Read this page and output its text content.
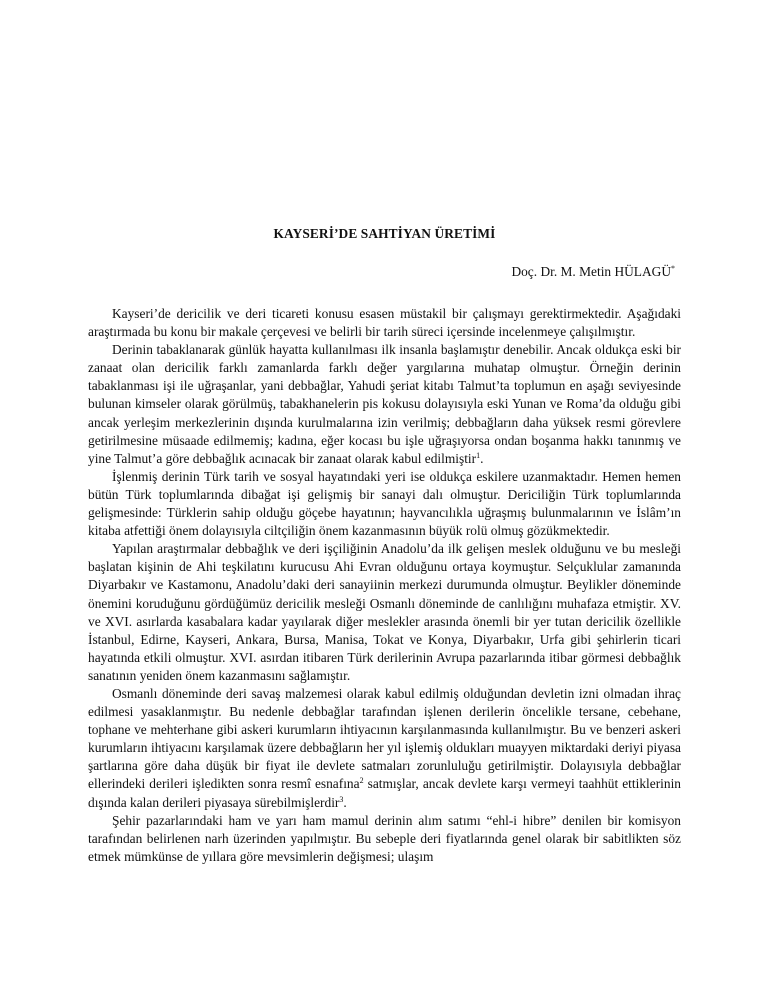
KAYSERİ’DE SAHTİYAN ÜRETİMİ

Doç. Dr. M. Metin HÜLAGÜ*

Kayseri’de dericilik ve deri ticareti konusu esasen müstakil bir çalışmayı gerektirmektedir. Aşağıdaki araştırmada bu konu bir makale çerçevesi ve belirli bir tarih süreci içersinde incelenmeye çalışılmıştır.

Derinin tabaklanarak günlük hayatta kullanılması ilk insanla başlamıştır denebilir. Ancak oldukça eski bir zanaat olan dericilik farklı zamanlarda farklı değer yargılarına muhatap olmuştur. Örneğin derinin tabaklanması işi ile uğraşanlar, yani debbağlar, Yahudi şeriat kitabı Talmut’ta toplumun en aşağı seviyesinde bulunan kimseler olarak görülmüş, tabakhanelerin pis kokusu dolayısıyla eski Yunan ve Roma’da olduğu gibi ancak yerleşim merkezlerinin dışında kurulmalarına izin verilmiş; debbağların daha yüksek resmi görevlere getirilmesine müsaade edilmemiş; kadına, eğer kocası bu işle uğraşıyorsa ondan boşanma hakkı tanınmış ve yine Talmut’a göre debbağlık acınacak bir zanaat olarak kabul edilmiştir$^1$.

İşlenmiş derinin Türk tarih ve sosyal hayatındaki yeri ise oldukça eskilere uzanmaktadır. Hemen hemen bütün Türk toplumlarında dibağat işi gelişmiş bir sanayi dalı olmuştur. Dericiliğin Türk toplumlarında gelişmesinde: Türklerin sahip olduğu göçebe hayatının; hayvancılıkla uğraşmış bulunmalarının ve İslâm’ın kitaba atfettiği önem dolayısıyla ciltçiliğin önem kazanmasının büyük rolü olmuş gözükmektedir.

Yapılan araştırmalar debbağlık ve deri işçiliğinin Anadolu’da ilk gelişen meslek olduğunu ve bu mesleği başlatan kişinin de Ahi teşkilatını kurucusu Ahi Evran olduğunu ortaya koymuştur. Selçuklular zamanında Diyarbakır ve Kastamonu, Anadolu’daki deri sanayiinin merkezi durumunda olmuştur. Beylikler döneminde önemini koruduğunu gördüğümüz dericilik mesleği Osmanlı döneminde de canlılığını muhafaza etmiştir. XV. ve XVI. asırlarda kasabalara kadar yayılarak diğer meslekler arasında önemli bir yer tutan dericilik özellikle İstanbul, Edirne, Kayseri, Ankara, Bursa, Manisa, Tokat ve Konya, Diyarbakır, Urfa gibi şehirlerin ticari hayatında etkili olmuştur. XVI. asırdan itibaren Türk derilerinin Avrupa pazarlarında itibar görmesi debbağlık sanatının yeniden önem kazanmasını sağlamıştır.

Osmanlı döneminde deri savaş malzemesi olarak kabul edilmiş olduğundan devletin izni olmadan ihraç edilmesi yasaklanmıştır. Bu nedenle debbağlar tarafından işlenen derilerin öncelikle tersane, cebehane, tophane ve mehterhane gibi askeri kurumların ihtiyacının karşılanmasında kullanılmıştır. Bu ve benzeri askeri kurumların ihtiyacını karşılamak üzere debbağların her yıl işlemiş oldukları muayyen miktardaki deriyi piyasa şartlarına göre daha düşük bir fiyat ile devlete satmaları zorunluluğu getirilmiştir. Dolayısıyla debbağlar ellerindeki derileri işledikten sonra resmî esnafına$^2$ satmışlar, ancak devlete karşı vermeyi taahhüt ettiklerinin dışında kalan derileri piyasaya sürebilmişlerdir$^3$.

Şehir pazarlarındaki ham ve yarı ham mamul derinin alım satımı “ehl-i hibre” denilen bir komisyon tarafından belirlenen narh üzerinden yapılmıştır. Bu sebeple deri fiyatlarında genel olarak bir sabitlikten söz etmek mümkünse de yıllara göre mevsimlerin değişmesi; ulaşım
